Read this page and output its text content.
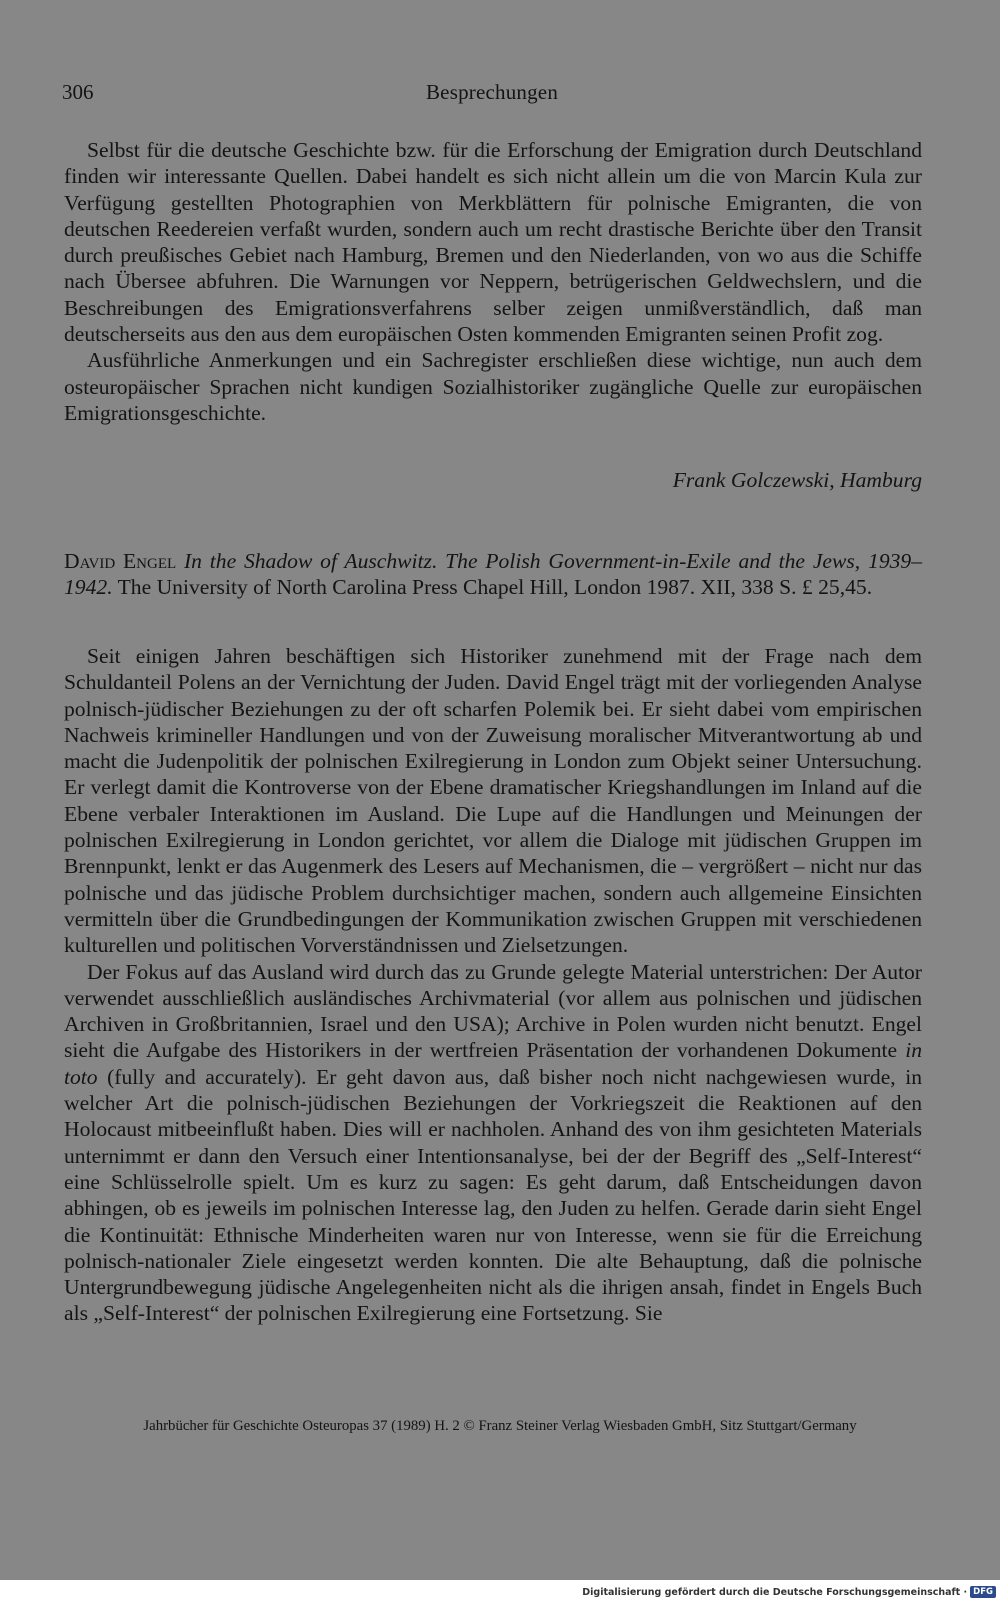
306	Besprechungen

Selbst für die deutsche Geschichte bzw. für die Erforschung der Emigration durch Deutschland finden wir interessante Quellen. Dabei handelt es sich nicht allein um die von Marcin Kula zur Verfügung gestellten Photographien von Merkblättern für polnische Emigranten, die von deutschen Reedereien verfaßt wurden, sondern auch um recht drastische Berichte über den Transit durch preußisches Gebiet nach Hamburg, Bremen und den Niederlanden, von wo aus die Schiffe nach Übersee abfuhren. Die Warnungen vor Neppern, betrügerischen Geldwechslern, und die Beschreibungen des Emigrationsverfahrens selber zeigen unmißverständlich, daß man deutscherseits aus den aus dem europäischen Osten kommenden Emigranten seinen Profit zog.

Ausführliche Anmerkungen und ein Sachregister erschließen diese wichtige, nun auch dem osteuropäischer Sprachen nicht kundigen Sozialhistoriker zugängliche Quelle zur europäischen Emigrationsgeschichte.

Frank Golczewski, Hamburg
David Engel In the Shadow of Auschwitz. The Polish Government-in-Exile and the Jews, 1939–1942. The University of North Carolina Press Chapel Hill, London 1987. XII, 338 S. £ 25,45.

Seit einigen Jahren beschäftigen sich Historiker zunehmend mit der Frage nach dem Schuldanteil Polens an der Vernichtung der Juden. David Engel trägt mit der vorliegenden Analyse polnisch-jüdischer Beziehungen zu der oft scharfen Polemik bei. Er sieht dabei vom empirischen Nachweis krimineller Handlungen und von der Zuweisung moralischer Mitverantwortung ab und macht die Judenpolitik der polnischen Exilregierung in London zum Objekt seiner Untersuchung. Er verlegt damit die Kontroverse von der Ebene dramatischer Kriegshandlungen im Inland auf die Ebene verbaler Interaktionen im Ausland. Die Lupe auf die Handlungen und Meinungen der polnischen Exilregierung in London gerichtet, vor allem die Dialoge mit jüdischen Gruppen im Brennpunkt, lenkt er das Augenmerk des Lesers auf Mechanismen, die – vergrößert – nicht nur das polnische und das jüdische Problem durchsichtiger machen, sondern auch allgemeine Einsichten vermitteln über die Grundbedingungen der Kommunikation zwischen Gruppen mit verschiedenen kulturellen und politischen Vorverständnissen und Zielsetzungen.

Der Fokus auf das Ausland wird durch das zu Grunde gelegte Material unterstrichen: Der Autor verwendet ausschließlich ausländisches Archivmaterial (vor allem aus polnischen und jüdischen Archiven in Großbritannien, Israel und den USA); Archive in Polen wurden nicht benutzt. Engel sieht die Aufgabe des Historikers in der wertfreien Präsentation der vorhandenen Dokumente in toto (fully and accurately). Er geht davon aus, daß bisher noch nicht nachgewiesen wurde, in welcher Art die polnisch-jüdischen Beziehungen der Vorkriegszeit die Reaktionen auf den Holocaust mitbeeinflußt haben. Dies will er nachholen. Anhand des von ihm gesichteten Materials unternimmt er dann den Versuch einer Intentionsanalyse, bei der der Begriff des „Self-Interest“ eine Schlüsselrolle spielt. Um es kurz zu sagen: Es geht darum, daß Entscheidungen davon abhingen, ob es jeweils im polnischen Interesse lag, den Juden zu helfen. Gerade darin sieht Engel die Kontinuität: Ethnische Minderheiten waren nur von Interesse, wenn sie für die Erreichung polnisch-nationaler Ziele eingesetzt werden konnten. Die alte Behauptung, daß die polnische Untergrundbewegung jüdische Angelegenheiten nicht als die ihrigen ansah, findet in Engels Buch als „Self-Interest“ der polnischen Exilregierung eine Fortsetzung. Sie

Jahrbücher für Geschichte Osteuropas 37 (1989) H. 2 © Franz Steiner Verlag Wiesbaden GmbH, Sitz Stuttgart/Germany
Digitalisierung gefördert durch die Deutsche Forschungsgemeinschaft · DFG
